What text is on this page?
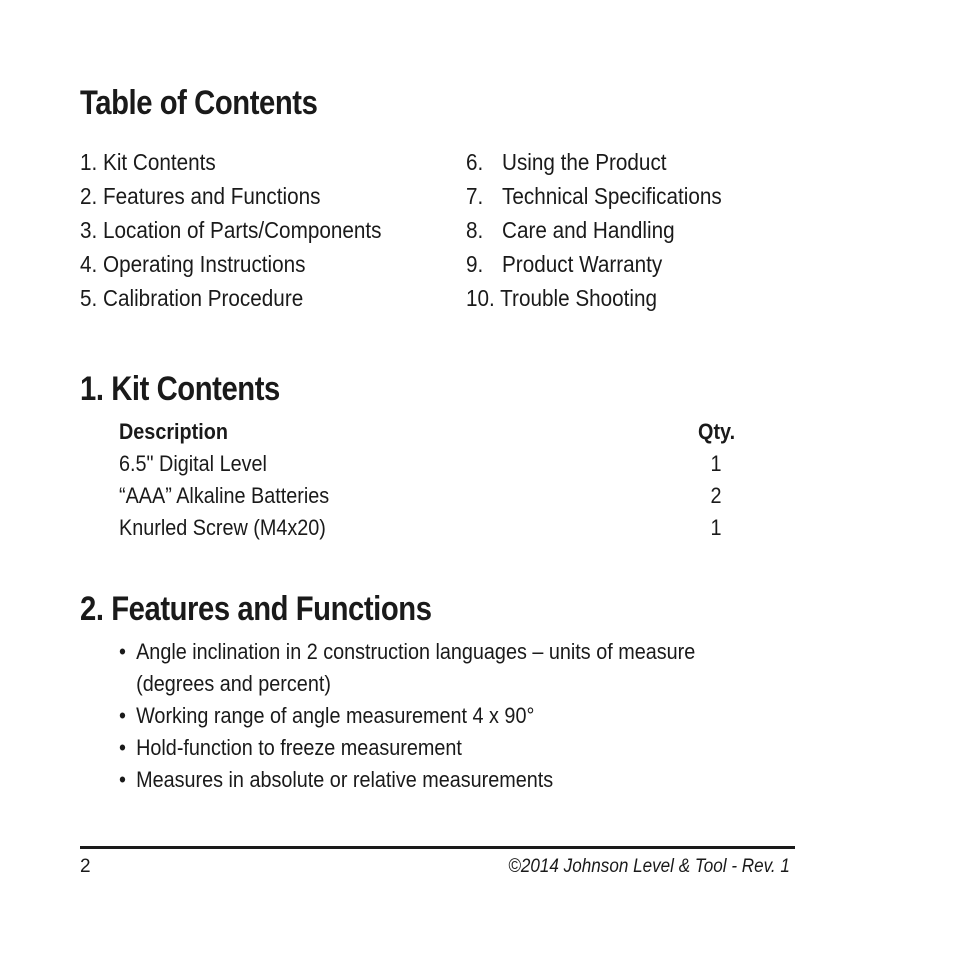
Table of Contents
1. Kit Contents
2. Features and Functions
3. Location of Parts/Components
4. Operating Instructions
5. Calibration Procedure
6. Using the Product
7. Technical Specifications
8. Care and Handling
9. Product Warranty
10. Trouble Shooting
1. Kit Contents
Description	Qty.
6.5" Digital Level	1
“AAA” Alkaline Batteries	2
Knurled Screw (M4x20)	1
2. Features and Functions
• Angle inclination in 2 construction languages – units of measure
(degrees and percent)
• Working range of angle measurement 4 x 90°
• Hold-function to freeze measurement
• Measures in absolute or relative measurements
2	©2014 Johnson Level & Tool - Rev. 1
